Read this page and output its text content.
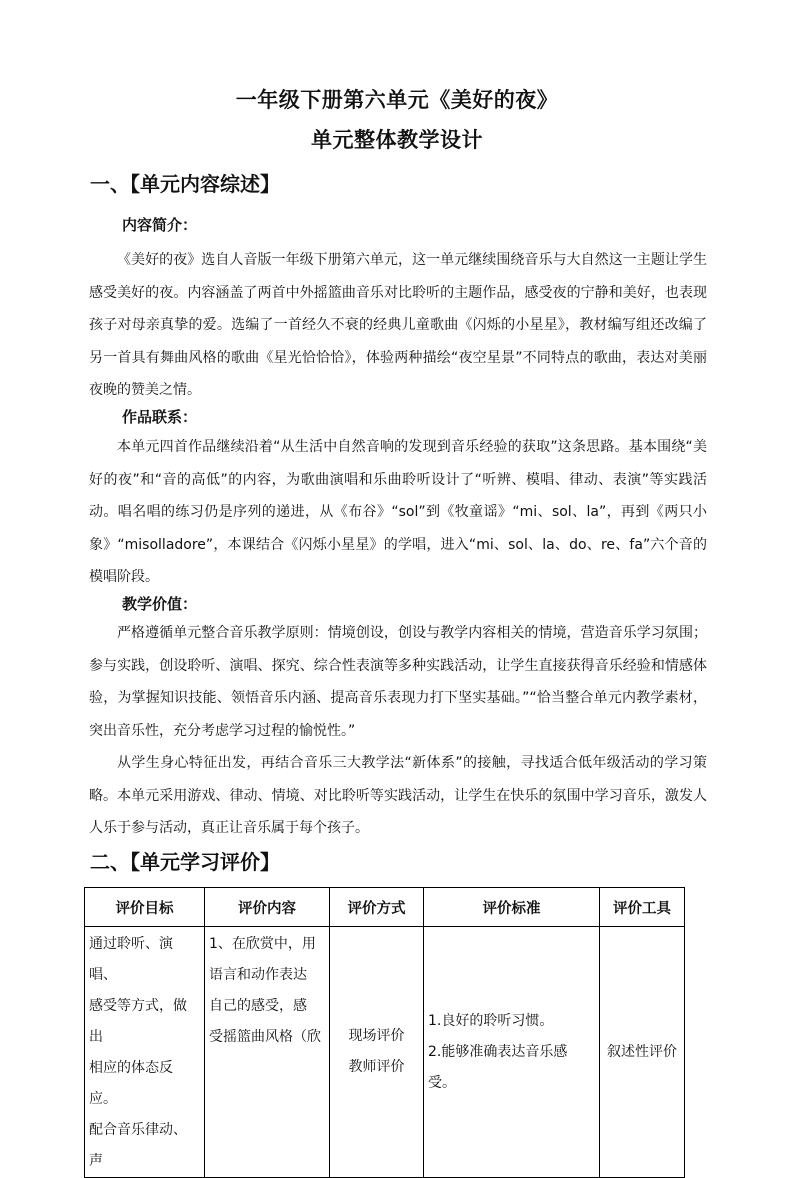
一年级下册第六单元《美好的夜》
单元整体教学设计
一、【单元内容综述】
内容简介：

《美好的夜》选自人音版一年级下册第六单元，这一单元继续围绕音乐与大自然这一主题让学生感受美好的夜。内容涵盖了两首中外摇篮曲音乐对比聆听的主题作品，感受夜的宁静和美好，也表现孩子对母亲真挚的爱。选编了一首经久不衰的经典儿童歌曲《闪烁的小星星》，教材编写组还改编了另一首具有舞曲风格的歌曲《星光恰恰恰》，体验两种描绘“夜空星景”不同特点的歌曲，表达对美丽夜晚的赞美之情。

作品联系：

本单元四首作品继续沿着“从生活中自然音响的发现到音乐经验的获取”这条思路。基本围绕“美好的夜”和“音的高低”的内容，为歌曲演唱和乐曲聆听设计了“听辨、模唱、律动、表演”等实践活动。唱名唱的练习仍是序列的递进，从《布谷》“sol”到《牧童谣》“mi、sol、la”，再到《两只小象》“misolladore”，本课结合《闪烁小星星》的学唱，进入“mi、sol、la、do、re、fa”六个音的模唱阶段。

教学价值：

严格遵循单元整合音乐教学原则：情境创设，创设与教学内容相关的情境，营造音乐学习氛围；参与实践，创设聆听、演唱、探究、综合性表演等多种实践活动，让学生直接获得音乐经验和情感体验，为掌握知识技能、领悟音乐内涵、提高音乐表现力打下坚实基础。”“恰当整合单元内教学素材，突出音乐性，充分考虑学习过程的愉悦性。”

从学生身心特征出发，再结合音乐三大教学法“新体系”的接触，寻找适合低年级活动的学习策略。本单元采用游戏、律动、情境、对比聆听等实践活动，让学生在快乐的氛围中学习音乐，激发人人乐于参与活动，真正让音乐属于每个孩子。

二、【单元学习评价】
评价目标	评价内容	评价方式	评价标准	评价工具

通过聆听、演唱、
感受等方式，做出
相应的体态反应。
配合音乐律动、声	1、在欣赏中，用
语言和动作表达
自己的感受，感
受摇篮曲风格（欣	现场评价
教师评价	1.良好的聆听习惯。
2.能够准确表达音乐感受。	叙述性评价
